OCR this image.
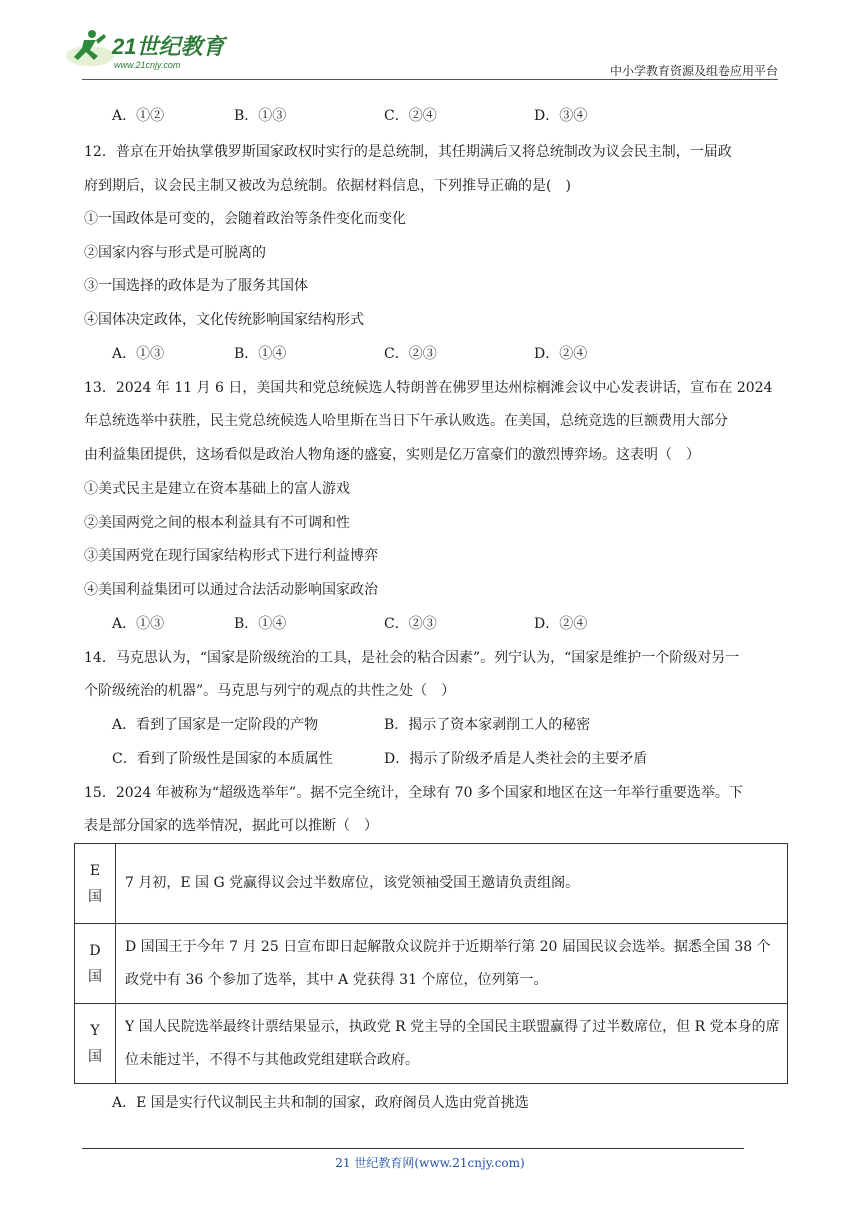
21世纪教育
www.21cnjy.com	中小学教育资源及组卷应用平台
A．①②	B．①③	C．②④	D．③④
12．普京在开始执掌俄罗斯国家政权时实行的是总统制，其任期满后又将总统制改为议会民主制，一届政
府到期后，议会民主制又被改为总统制。依据材料信息，下列推导正确的是(　)
①一国政体是可变的，会随着政治等条件变化而变化
②国家内容与形式是可脱离的
③一国选择的政体是为了服务其国体
④国体决定政体，文化传统影响国家结构形式
A．①③	B．①④	C．②③	D．②④
13．2024 年 11 月 6 日，美国共和党总统候选人特朗普在佛罗里达州棕榈滩会议中心发表讲话，宣布在 2024
年总统选举中获胜，民主党总统候选人哈里斯在当日下午承认败选。在美国，总统竞选的巨额费用大部分
由利益集团提供，这场看似是政治人物角逐的盛宴，实则是亿万富豪们的激烈博弈场。这表明（　）
①美式民主是建立在资本基础上的富人游戏
②美国两党之间的根本利益具有不可调和性
③美国两党在现行国家结构形式下进行利益博弈
④美国利益集团可以通过合法活动影响国家政治
A．①③	B．①④	C．②③	D．②④
14．马克思认为，“国家是阶级统治的工具，是社会的粘合因素”。列宁认为，“国家是维护一个阶级对另一
个阶级统治的机器”。马克思与列宁的观点的共性之处（　）
A．看到了国家是一定阶段的产物	B．揭示了资本家剥削工人的秘密
C．看到了阶级性是国家的本质属性	D．揭示了阶级矛盾是人类社会的主要矛盾
15．2024 年被称为“超级选举年”。据不完全统计，全球有 70 多个国家和地区在这一年举行重要选举。下
表是部分国家的选举情况，据此可以推断（　）
E
国	7 月初，E 国 G 党赢得议会过半数席位，该党领袖受国王邀请负责组阁。

D
国	D 国国王于今年 7 月 25 日宣布即日起解散众议院并于近期举行第 20 届国民议会选举。据悉全国 38 个政党中有 36 个参加了选举，其中 A 党获得 31 个席位，位列第一。

Y
国	Y 国人民院选举最终计票结果显示，执政党 R 党主导的全国民主联盟赢得了过半数席位，但 R 党本身的席位未能过半，不得不与其他政党组建联合政府。
A．E 国是实行代议制民主共和制的国家，政府阁员人选由党首挑选
21 世纪教育网(www.21cnjy.com)
